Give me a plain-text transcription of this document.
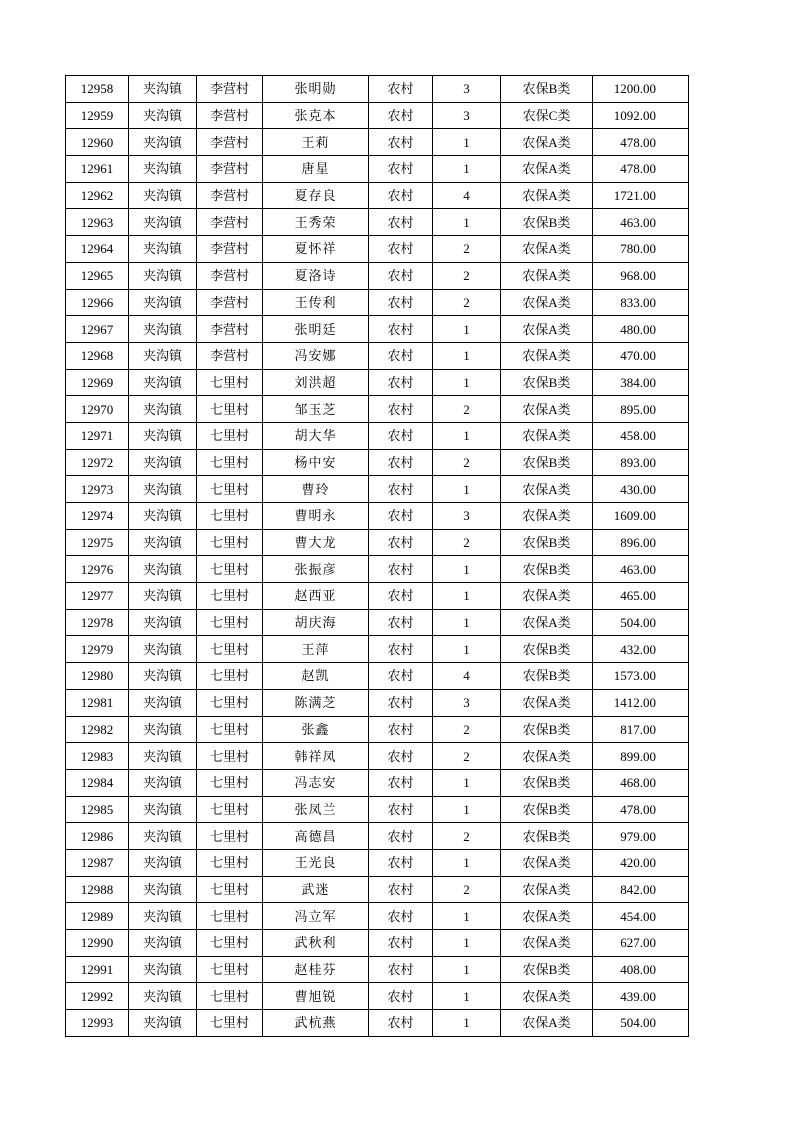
12958	夹沟镇	李营村	张明勋	农村	3	农保B类	1200.00
12959	夹沟镇	李营村	张克本	农村	3	农保C类	1092.00
12960	夹沟镇	李营村	王莉	农村	1	农保A类	478.00
12961	夹沟镇	李营村	唐星	农村	1	农保A类	478.00
12962	夹沟镇	李营村	夏存良	农村	4	农保A类	1721.00
12963	夹沟镇	李营村	王秀荣	农村	1	农保B类	463.00
12964	夹沟镇	李营村	夏怀祥	农村	2	农保A类	780.00
12965	夹沟镇	李营村	夏洛诗	农村	2	农保A类	968.00
12966	夹沟镇	李营村	王传利	农村	2	农保A类	833.00
12967	夹沟镇	李营村	张明廷	农村	1	农保A类	480.00
12968	夹沟镇	李营村	冯安娜	农村	1	农保A类	470.00
12969	夹沟镇	七里村	刘洪超	农村	1	农保B类	384.00
12970	夹沟镇	七里村	邹玉芝	农村	2	农保A类	895.00
12971	夹沟镇	七里村	胡大华	农村	1	农保A类	458.00
12972	夹沟镇	七里村	杨中安	农村	2	农保B类	893.00
12973	夹沟镇	七里村	曹玲	农村	1	农保A类	430.00
12974	夹沟镇	七里村	曹明永	农村	3	农保A类	1609.00
12975	夹沟镇	七里村	曹大龙	农村	2	农保B类	896.00
12976	夹沟镇	七里村	张振彦	农村	1	农保B类	463.00
12977	夹沟镇	七里村	赵西亚	农村	1	农保A类	465.00
12978	夹沟镇	七里村	胡庆海	农村	1	农保A类	504.00
12979	夹沟镇	七里村	王萍	农村	1	农保B类	432.00
12980	夹沟镇	七里村	赵凯	农村	4	农保B类	1573.00
12981	夹沟镇	七里村	陈满芝	农村	3	农保A类	1412.00
12982	夹沟镇	七里村	张鑫	农村	2	农保B类	817.00
12983	夹沟镇	七里村	韩祥凤	农村	2	农保A类	899.00
12984	夹沟镇	七里村	冯志安	农村	1	农保B类	468.00
12985	夹沟镇	七里村	张凤兰	农村	1	农保B类	478.00
12986	夹沟镇	七里村	高德昌	农村	2	农保B类	979.00
12987	夹沟镇	七里村	王光良	农村	1	农保A类	420.00
12988	夹沟镇	七里村	武迷	农村	2	农保A类	842.00
12989	夹沟镇	七里村	冯立军	农村	1	农保A类	454.00
12990	夹沟镇	七里村	武秋利	农村	1	农保A类	627.00
12991	夹沟镇	七里村	赵桂芬	农村	1	农保B类	408.00
12992	夹沟镇	七里村	曹旭锐	农村	1	农保A类	439.00
12993	夹沟镇	七里村	武杭燕	农村	1	农保A类	504.00
